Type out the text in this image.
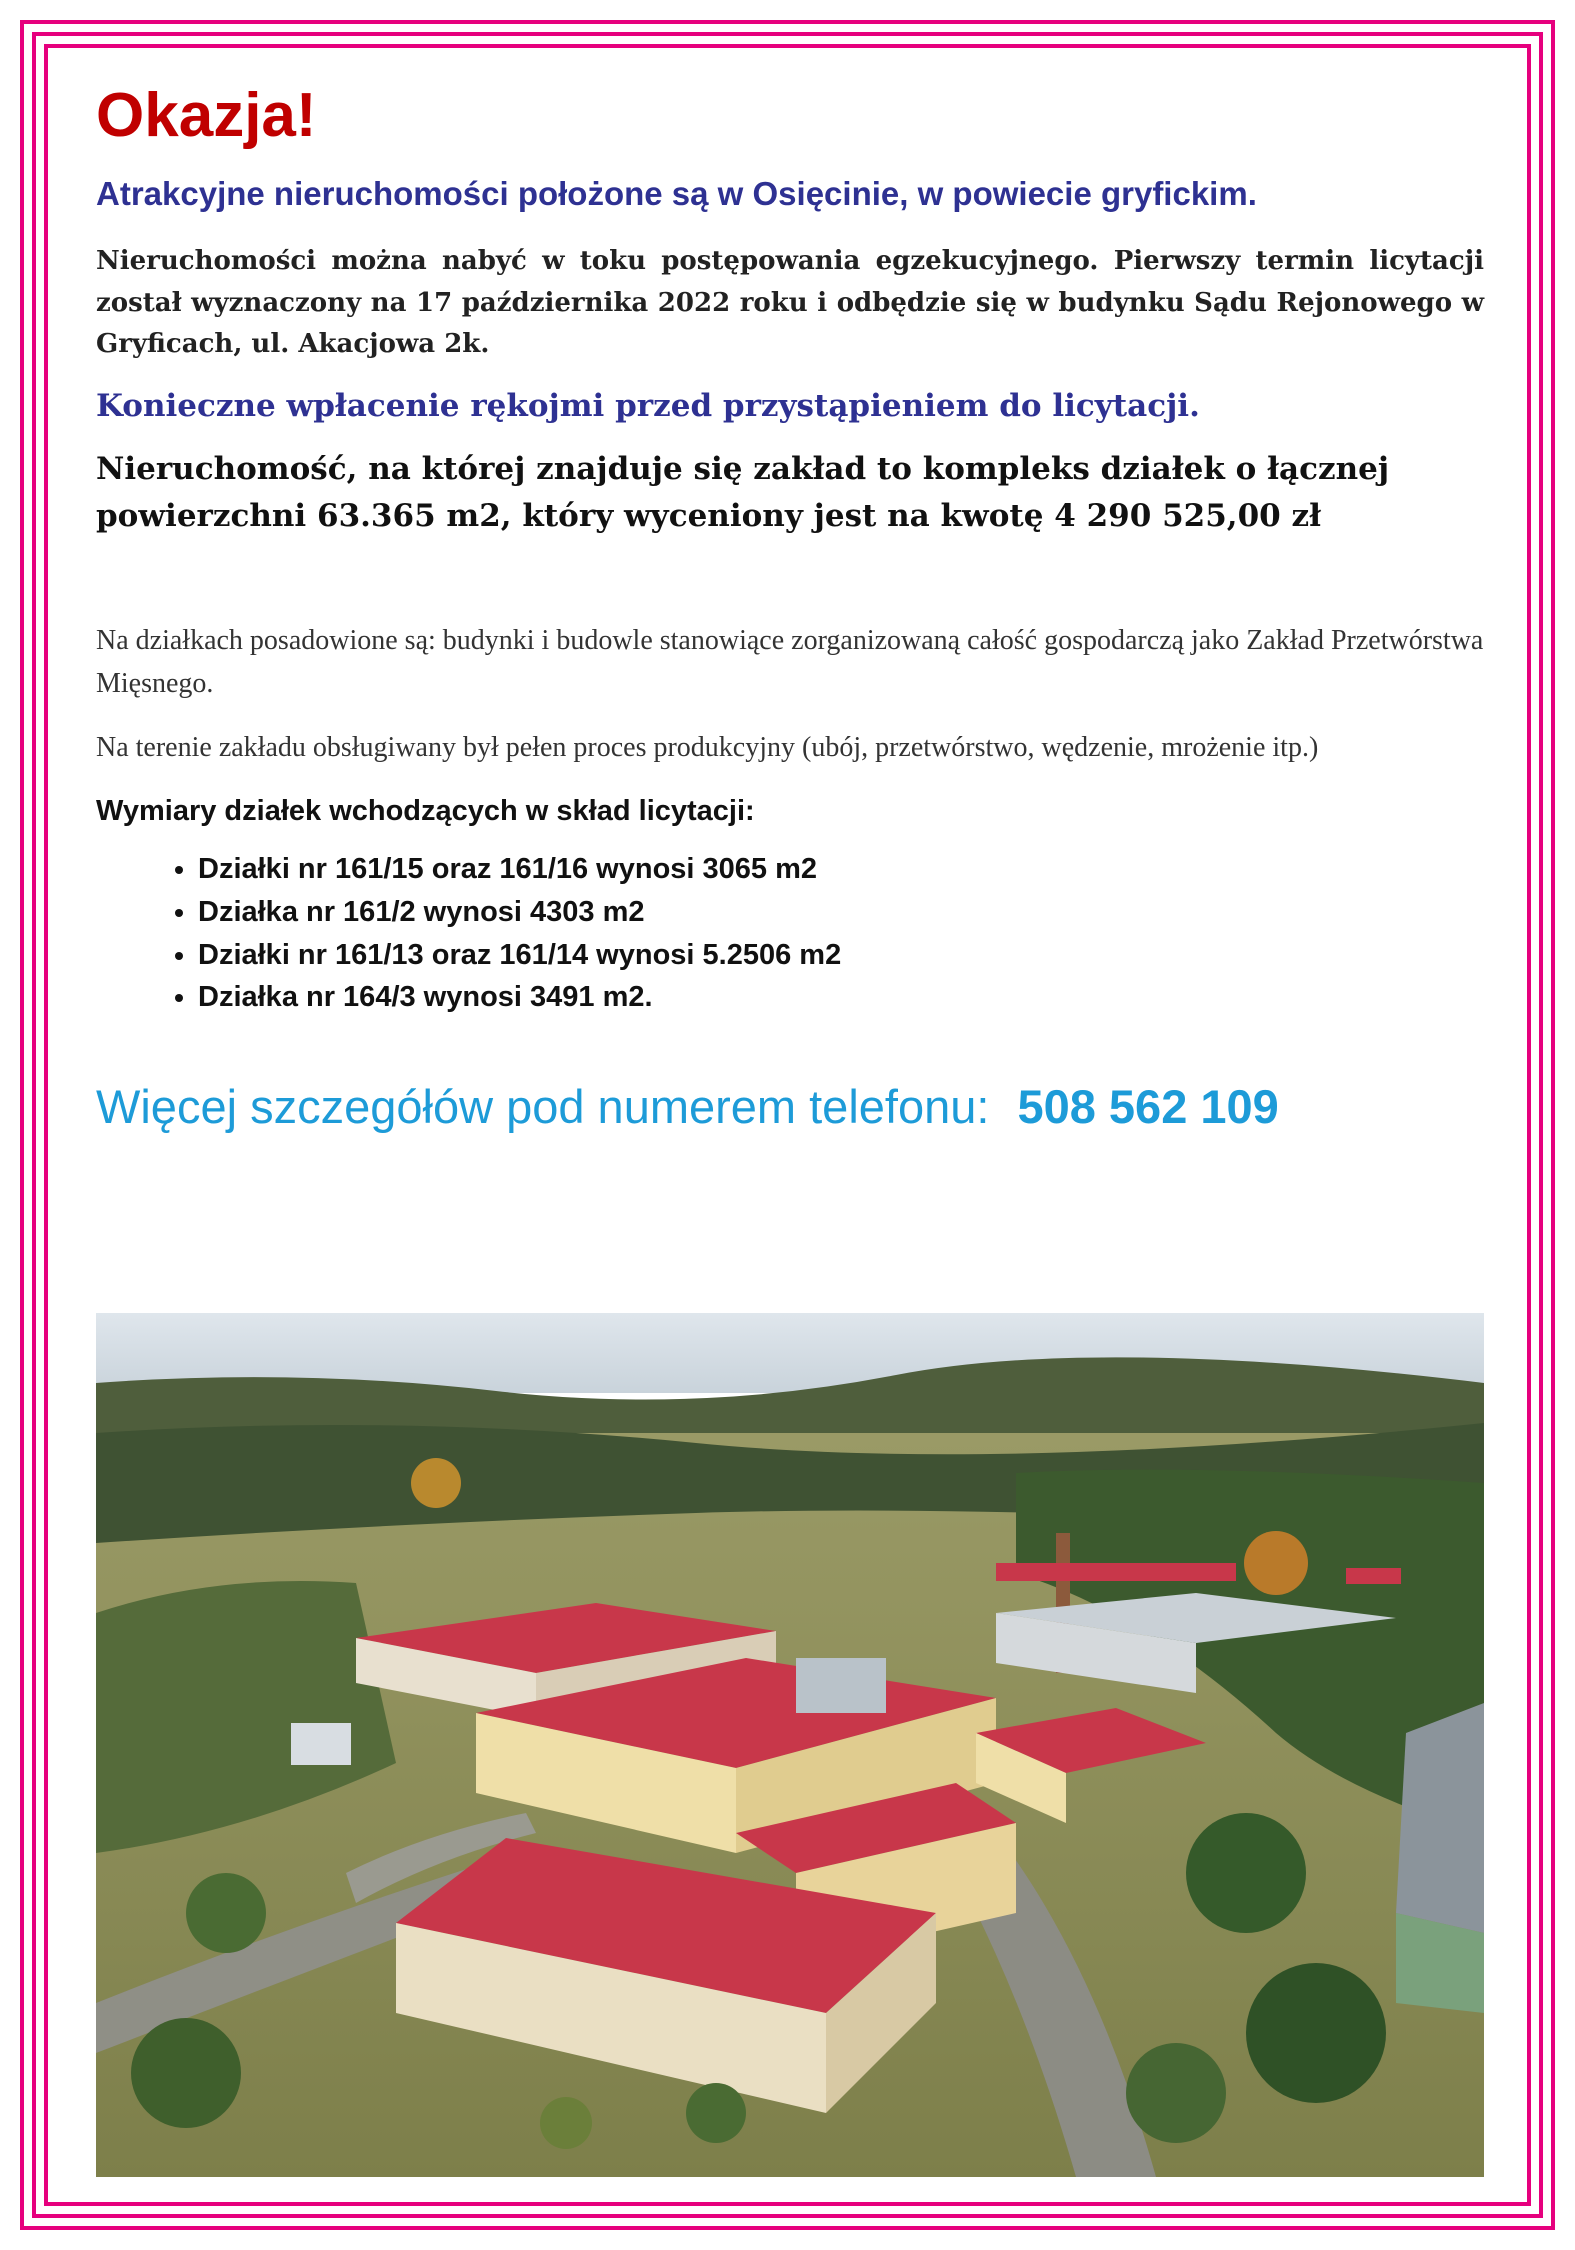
Okazja!
Atrakcyjne nieruchomości położone są w Osięcinie, w powiecie gryfickim.

Nieruchomości można nabyć w toku postępowania egzekucyjnego. Pierwszy termin licytacji został wyznaczony na 17 października 2022 roku i odbędzie się w budynku Sądu Rejonowego w Gryficach, ul. Akacjowa 2k.

Konieczne wpłacenie rękojmi przed przystąpieniem do licytacji.

Nieruchomość, na której znajduje się zakład to kompleks działek o łącznej powierzchni 63.365 m2, który wyceniony jest na kwotę 4 290 525,00 zł

Na działkach posadowione są: budynki i budowle stanowiące zorganizowaną całość gospodarczą jako Zakład Przetwórstwa Mięsnego.

Na terenie zakładu obsługiwany był pełen proces produkcyjny (ubój, przetwórstwo, wędzenie, mrożenie itp.)

Wymiary działek wchodzących w skład licytacji:

• Działki nr 161/15 oraz 161/16 wynosi 3065 m2
• Działka nr 161/2 wynosi 4303 m2
• Działki nr 161/13 oraz 161/14 wynosi 5.2506 m2
• Działka nr 164/3 wynosi 3491 m2.

Więcej szczegółów pod numerem telefonu: 508 562 109
